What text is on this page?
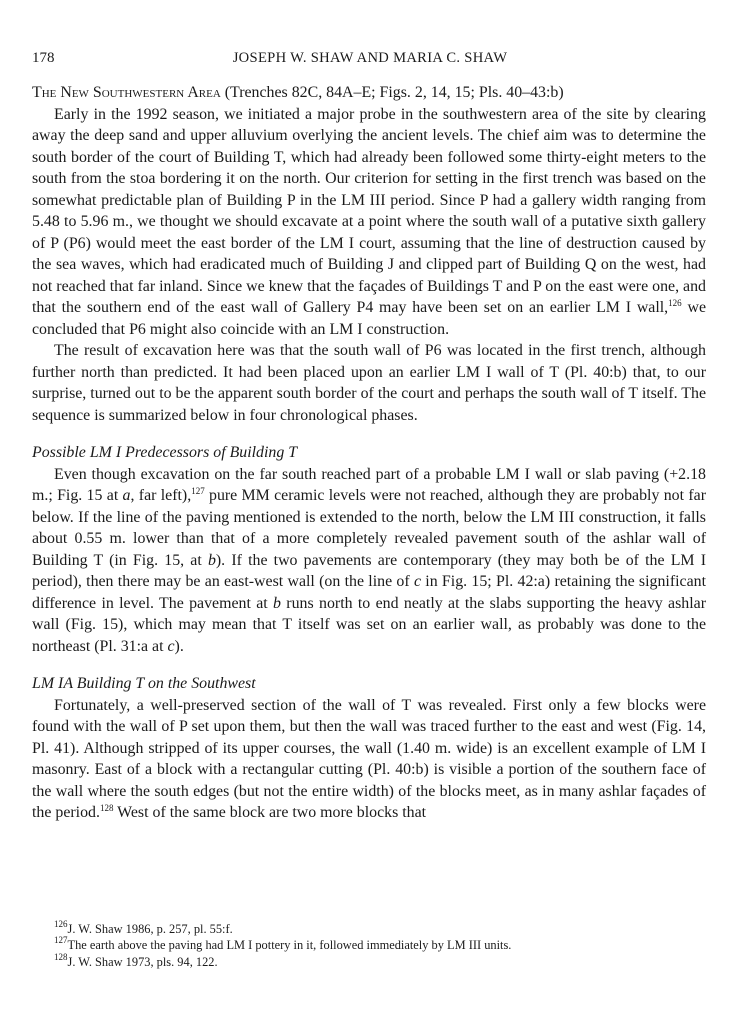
178	JOSEPH W. SHAW AND MARIA C. SHAW
The New Southwestern Area (Trenches 82C, 84A–E; Figs. 2, 14, 15; Pls. 40–43:b)

Early in the 1992 season, we initiated a major probe in the southwestern area of the site by clearing away the deep sand and upper alluvium overlying the ancient levels. The chief aim was to determine the south border of the court of Building T, which had already been followed some thirty-eight meters to the south from the stoa bordering it on the north. Our criterion for setting in the first trench was based on the somewhat predictable plan of Building P in the LM III period. Since P had a gallery width ranging from 5.48 to 5.96 m., we thought we should excavate at a point where the south wall of a putative sixth gallery of P (P6) would meet the east border of the LM I court, assuming that the line of destruction caused by the sea waves, which had eradicated much of Building J and clipped part of Building Q on the west, had not reached that far inland. Since we knew that the façades of Buildings T and P on the east were one, and that the southern end of the east wall of Gallery P4 may have been set on an earlier LM I wall,$^{126}$ we concluded that P6 might also coincide with an LM I construction.

The result of excavation here was that the south wall of P6 was located in the first trench, although further north than predicted. It had been placed upon an earlier LM I wall of T (Pl. 40:b) that, to our surprise, turned out to be the apparent south border of the court and perhaps the south wall of T itself. The sequence is summarized below in four chronological phases.

Possible LM I Predecessors of Building T

Even though excavation on the far south reached part of a probable LM I wall or slab paving (+2.18 m.; Fig. 15 at a, far left),$^{127}$ pure MM ceramic levels were not reached, although they are probably not far below. If the line of the paving mentioned is extended to the north, below the LM III construction, it falls about 0.55 m. lower than that of a more completely revealed pavement south of the ashlar wall of Building T (in Fig. 15, at b). If the two pavements are contemporary (they may both be of the LM I period), then there may be an east-west wall (on the line of c in Fig. 15; Pl. 42:a) retaining the significant difference in level. The pavement at b runs north to end neatly at the slabs supporting the heavy ashlar wall (Fig. 15), which may mean that T itself was set on an earlier wall, as probably was done to the northeast (Pl. 31:a at c).

LM IA Building T on the Southwest

Fortunately, a well-preserved section of the wall of T was revealed. First only a few blocks were found with the wall of P set upon them, but then the wall was traced further to the east and west (Fig. 14, Pl. 41). Although stripped of its upper courses, the wall (1.40 m. wide) is an excellent example of LM I masonry. East of a block with a rectangular cutting (Pl. 40:b) is visible a portion of the southern face of the wall where the south edges (but not the entire width) of the blocks meet, as in many ashlar façades of the period.$^{128}$ West of the same block are two more blocks that

$^{126}$J. W. Shaw 1986, p. 257, pl. 55:f.
$^{127}$The earth above the paving had LM I pottery in it, followed immediately by LM III units.
$^{128}$J. W. Shaw 1973, pls. 94, 122.
